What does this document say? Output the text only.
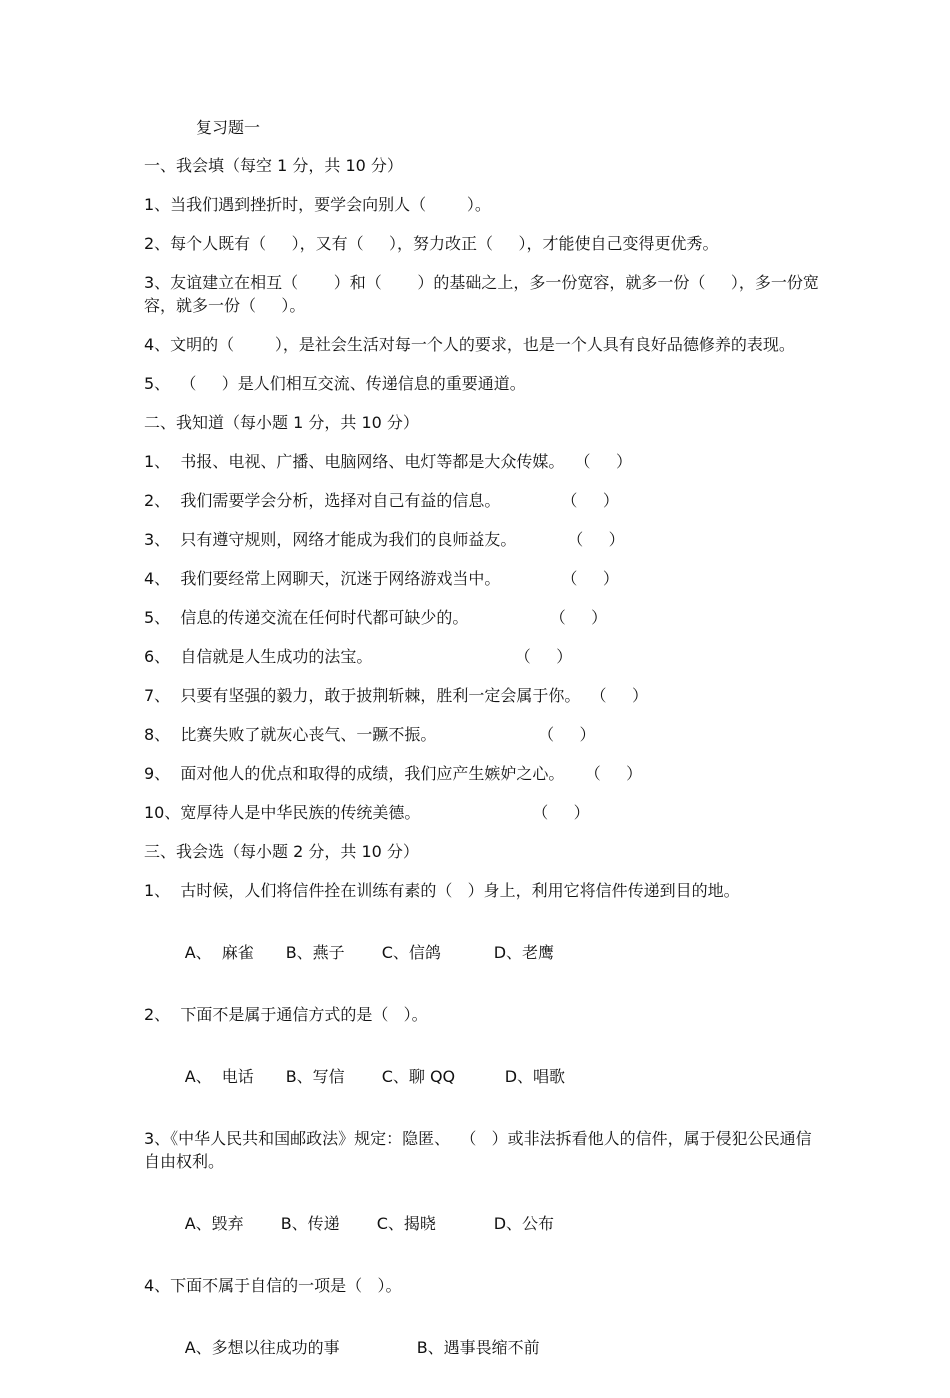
复习题一

一、我会填（每空 1 分，共 10 分）

1、当我们遇到挫折时，要学会向别人（        ）。

2、每个人既有（     ），又有（     ），努力改正（     ），才能使自己变得更优秀。

3、友谊建立在相互（       ）和（       ）的基础之上，多一份宽容，就多一份（     ），多一份宽容，就多一份（     ）。

4、文明的（        ），是社会生活对每一个人的要求，也是一个人具有良好品德修养的表现。

5、  （     ）是人们相互交流、传递信息的重要通道。

二、我知道（每小题 1 分，共 10 分）

1、  书报、电视、广播、电脑网络、电灯等都是大众传媒。  （     ）

2、  我们需要学会分析，选择对自己有益的信息。            （     ）

3、  只有遵守规则，网络才能成为我们的良师益友。          （     ）

4、  我们要经常上网聊天，沉迷于网络游戏当中。            （     ）

5、  信息的传递交流在任何时代都可缺少的。                （     ）

6、  自信就是人生成功的法宝。                            （     ）

7、  只要有坚强的毅力，敢于披荆斩棘，胜利一定会属于你。  （     ）

8、  比赛失败了就灰心丧气、一蹶不振。                    （     ）

9、  面对他人的优点和取得的成绩，我们应产生嫉妒之心。    （     ）

10、宽厚待人是中华民族的传统美德。                      （     ）

三、我会选（每小题 2 分，共 10 分）

1、  古时候，人们将信件拴在训练有素的（   ）身上，利用它将信件传递到目的地。

A、  麻雀 B、燕子 C、信鸽	D、老鹰

2、  下面不是属于通信方式的是（   ）。

A、  电话 B、写信 C、聊 QQ	D、唱歌

3、《中华人民共和国邮政法》规定：隐匿、  （   ）或非法拆看他人的信件，属于侵犯公民通信自由权利。

A、毁弃 B、传递 C、揭晓	D、公布

4、下面不属于自信的一项是（   ）。

A、多想以往成功的事	B、遇事畏缩不前
